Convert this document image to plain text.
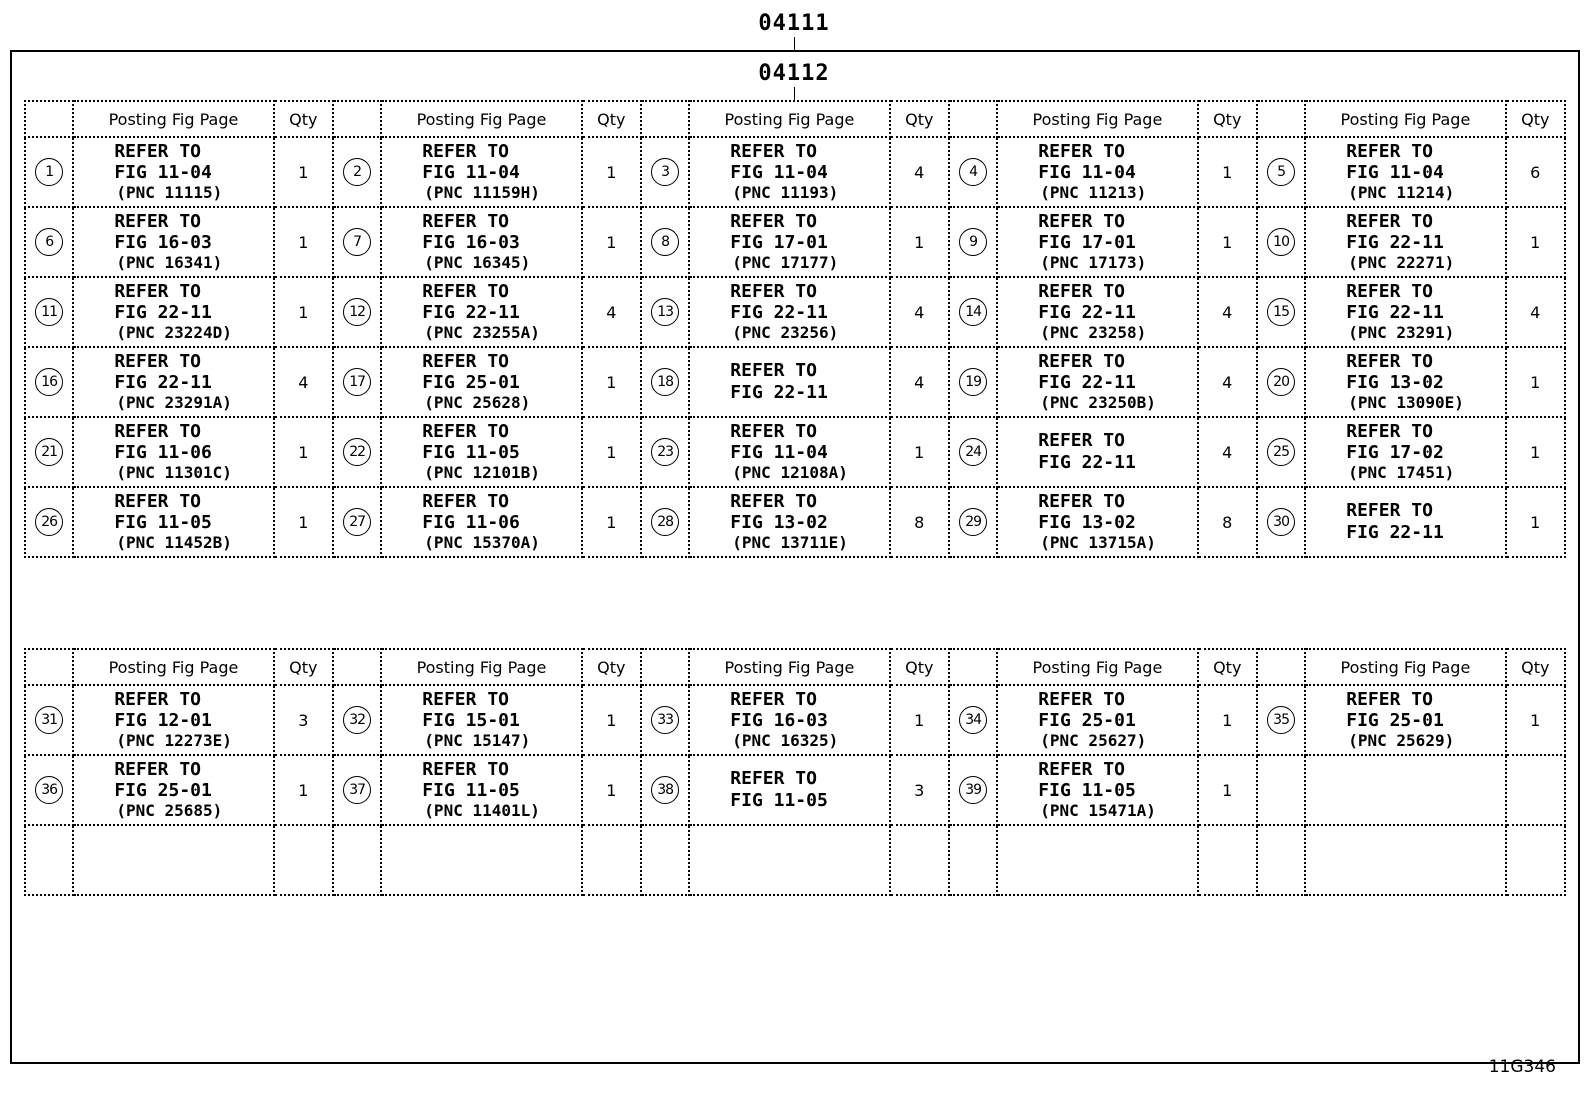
04111
04112
	Posting Fig Page	Qty		Posting Fig Page	Qty		Posting Fig Page	Qty		Posting Fig Page	Qty		Posting Fig Page	Qty
1	REFER TO
FIG 11-04
(PNC 11115)	1	2	REFER TO
FIG 11-04
(PNC 11159H)	1	3	REFER TO
FIG 11-04
(PNC 11193)	4	4	REFER TO
FIG 11-04
(PNC 11213)	1	5	REFER TO
FIG 11-04
(PNC 11214)	6
6	REFER TO
FIG 16-03
(PNC 16341)	1	7	REFER TO
FIG 16-03
(PNC 16345)	1	8	REFER TO
FIG 17-01
(PNC 17177)	1	9	REFER TO
FIG 17-01
(PNC 17173)	1	10	REFER TO
FIG 22-11
(PNC 22271)	1
11	REFER TO
FIG 22-11
(PNC 23224D)	1	12	REFER TO
FIG 22-11
(PNC 23255A)	4	13	REFER TO
FIG 22-11
(PNC 23256)	4	14	REFER TO
FIG 22-11
(PNC 23258)	4	15	REFER TO
FIG 22-11
(PNC 23291)	4
16	REFER TO
FIG 22-11
(PNC 23291A)	4	17	REFER TO
FIG 25-01
(PNC 25628)	1	18	REFER TO
FIG 22-11	4	19	REFER TO
FIG 22-11
(PNC 23250B)	4	20	REFER TO
FIG 13-02
(PNC 13090E)	1
21	REFER TO
FIG 11-06
(PNC 11301C)	1	22	REFER TO
FIG 11-05
(PNC 12101B)	1	23	REFER TO
FIG 11-04
(PNC 12108A)	1	24	REFER TO
FIG 22-11	4	25	REFER TO
FIG 17-02
(PNC 17451)	1
26	REFER TO
FIG 11-05
(PNC 11452B)	1	27	REFER TO
FIG 11-06
(PNC 15370A)	1	28	REFER TO
FIG 13-02
(PNC 13711E)	8	29	REFER TO
FIG 13-02
(PNC 13715A)	8	30	REFER TO
FIG 22-11	1
	Posting Fig Page	Qty		Posting Fig Page	Qty		Posting Fig Page	Qty		Posting Fig Page	Qty		Posting Fig Page	Qty
31	REFER TO
FIG 12-01
(PNC 12273E)	3	32	REFER TO
FIG 15-01
(PNC 15147)	1	33	REFER TO
FIG 16-03
(PNC 16325)	1	34	REFER TO
FIG 25-01
(PNC 25627)	1	35	REFER TO
FIG 25-01
(PNC 25629)	1
36	REFER TO
FIG 25-01
(PNC 25685)	1	37	REFER TO
FIG 11-05
(PNC 11401L)	1	38	REFER TO
FIG 11-05	3	39	REFER TO
FIG 11-05
(PNC 15471A)	1			

11G346
